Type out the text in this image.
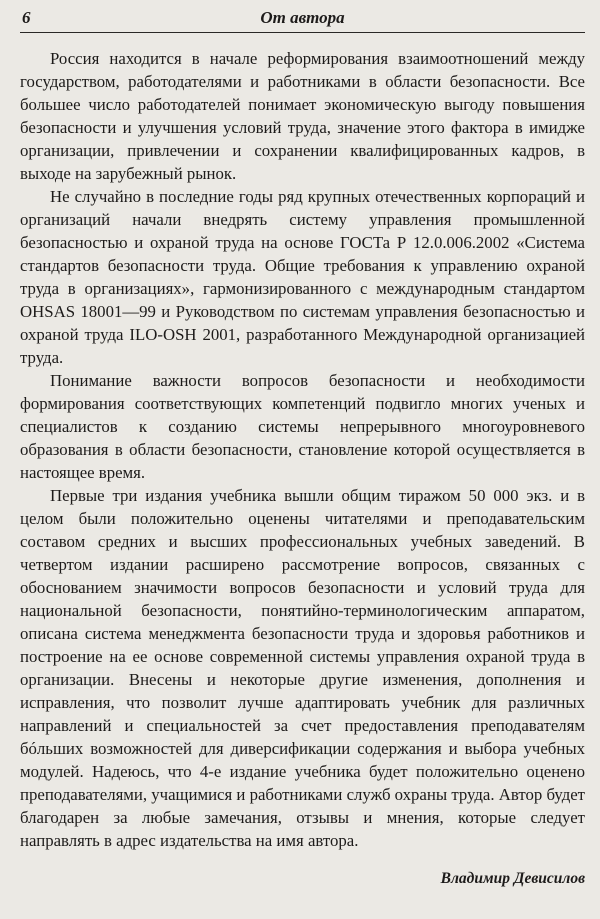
6	От автора

Россия находится в начале реформирования взаимоотношений между государством, работодателями и работниками в области безопасности. Все большее число работодателей понимает экономическую выгоду повышения безопасности и улучшения условий труда, значение этого фактора в имидже организации, привлечении и сохранении квалифицированных кадров, в выходе на зарубежный рынок.

Не случайно в последние годы ряд крупных отечественных корпораций и организаций начали внедрять систему управления промышленной безопасностью и охраной труда на основе ГОСТа Р 12.0.006.2002 «Система стандартов безопасности труда. Общие требования к управлению охраной труда в организациях», гармонизированного с международным стандартом OHSAS 18001—99 и Руководством по системам управления безопасностью и охраной труда ILO-OSH 2001, разработанного Международной организацией труда.

Понимание важности вопросов безопасности и необходимости формирования соответствующих компетенций подвигло многих ученых и специалистов к созданию системы непрерывного многоуровневого образования в области безопасности, становление которой осуществляется в настоящее время.

Первые три издания учебника вышли общим тиражом 50 000 экз. и в целом были положительно оценены читателями и преподавательским составом средних и высших профессиональных учебных заведений. В четвертом издании расширено рассмотрение вопросов, связанных с обоснованием значимости вопросов безопасности и условий труда для национальной безопасности, понятийно-терминологическим аппаратом, описана система менеджмента безопасности труда и здоровья работников и построение на ее основе современной системы управления охраной труда в организации. Внесены и некоторые другие изменения, дополнения и исправления, что позволит лучше адаптировать учебник для различных направлений и специальностей за счет предоставления преподавателям бóльших возможностей для диверсификации содержания и выбора учебных модулей. Надеюсь, что 4-е издание учебника будет положительно оценено преподавателями, учащимися и работниками служб охраны труда. Автор будет благодарен за любые замечания, отзывы и мнения, которые следует направлять в адрес издательства на имя автора.

Владимир Девисилов
